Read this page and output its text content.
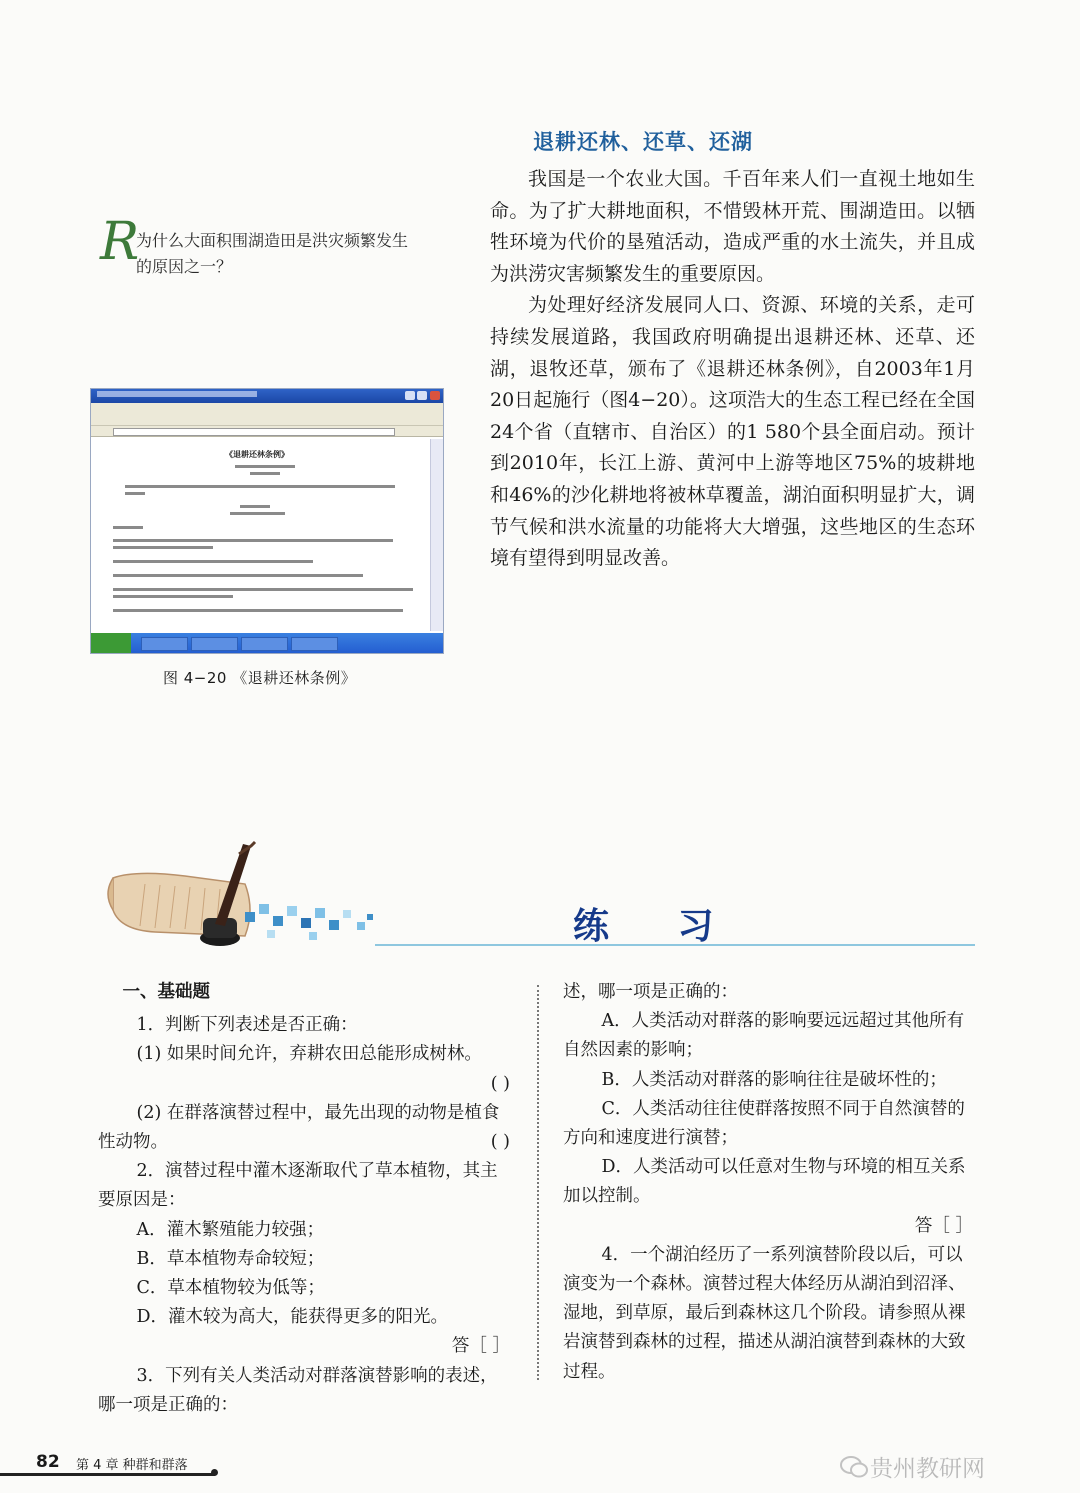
退耕还林、还草、还湖

我国是一个农业大国。千百年来人们一直视土地如生命。为了扩大耕地面积，不惜毁林开荒、围湖造田。以牺牲环境为代价的垦殖活动，造成严重的水土流失，并且成为洪涝灾害频繁发生的重要原因。

为处理好经济发展同人口、资源、环境的关系，走可持续发展道路，我国政府明确提出退耕还林、还草、还湖，退牧还草，颁布了《退耕还林条例》，自2003年1月20日起施行（图4−20）。这项浩大的生态工程已经在全国24个省（直辖市、自治区）的1 580个县全面启动。预计到2010年，长江上游、黄河中上游等地区75%的坡耕地和46%的沙化耕地将被林草覆盖，湖泊面积明显扩大，调节气候和洪水流量的功能将大大增强，这些地区的生态环境有望得到明显改善。

R
为什么大面积围湖造田是洪灾频繁发生的原因之一？
《退耕还林条例》
图 4−20 《退耕还林条例》
练 习

一、基础题

1．判断下列表述是否正确：

(1) 如果时间允许，弃耕农田总能形成树林。

( )

(2) 在群落演替过程中，最先出现的动物是植食性动物。	( )

2．演替过程中灌木逐渐取代了草本植物，其主要原因是：

A．灌木繁殖能力较强；

B．草本植物寿命较短；

C．草本植物较为低等；

D．灌木较为高大，能获得更多的阳光。

答［ ］

3．下列有关人类活动对群落演替影响的表述，哪一项是正确的：

述，哪一项是正确的：

A．人类活动对群落的影响要远远超过其他所有自然因素的影响；

B．人类活动对群落的影响往往是破坏性的；

C．人类活动往往使群落按照不同于自然演替的方向和速度进行演替；

D．人类活动可以任意对生物与环境的相互关系加以控制。

答［ ］

4．一个湖泊经历了一系列演替阶段以后，可以演变为一个森林。演替过程大体经历从湖泊到沼泽、湿地，到草原，最后到森林这几个阶段。请参照从裸岩演替到森林的过程，描述从湖泊演替到森林的大致过程。

82 第 4 章 种群和群落	贵州教研网
